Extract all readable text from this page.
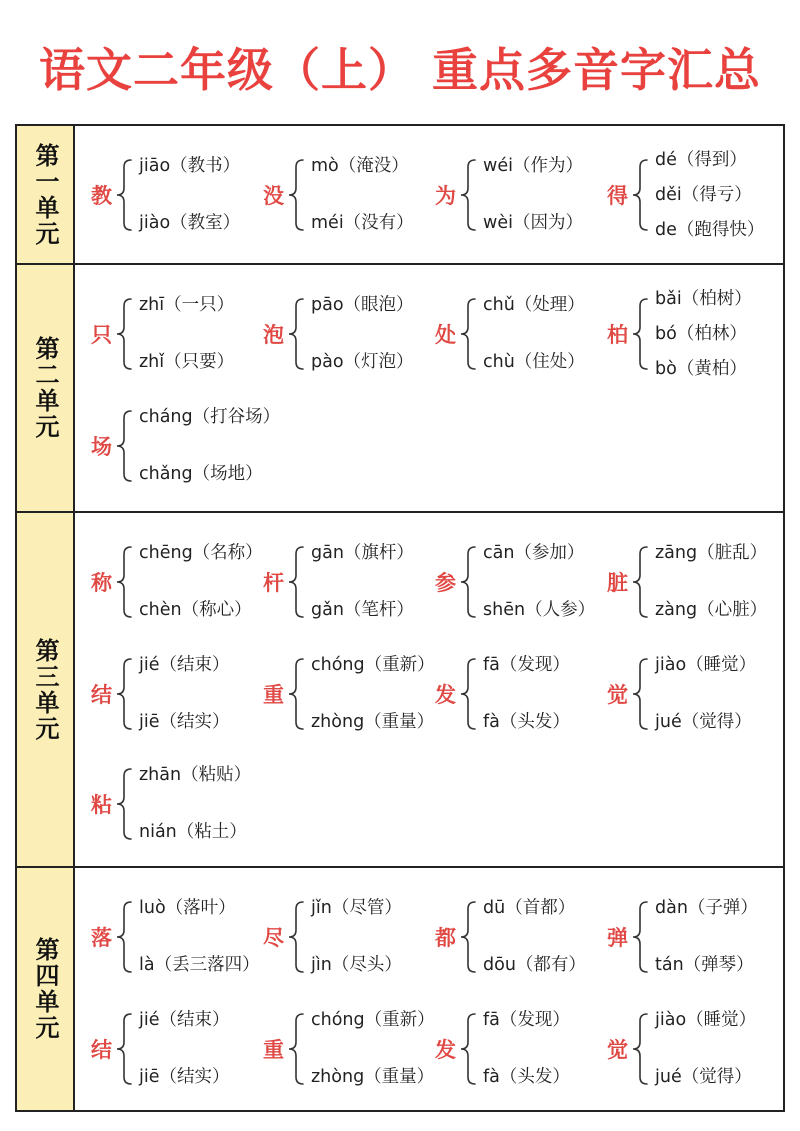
语文二年级（上） 重点多音字汇总
第一单元 教
jiāo（教书）
jiào（教室）
没
mò（淹没）
méi（没有）
为
wéi（作为）
wèi（因为）
得
dé（得到）
děi（得亏）
de（跑得快）
第二单元
只
zhī（一只）
zhǐ（只要）
泡
pāo（眼泡）
pào（灯泡）
处
chǔ（处理）
chù（住处）
柏
bǎi（柏树）
bó（柏林）
bò（黄柏）
场
cháng（打谷场）
chǎng（场地）
第三单元
称
chēng（名称）
chèn（称心）
杆
gān（旗杆）
gǎn（笔杆）
参
cān（参加）
shēn（人参）
脏
zāng（脏乱）
zàng（心脏）
结
jié（结束）
jiē（结实）
重
chóng（重新）
zhòng（重量）
发
fā（发现）
fà（头发）
觉
jiào（睡觉）
jué（觉得）
粘
zhān（粘贴）
nián（粘土）
第四单元 落
luò（落叶）
là（丢三落四）
尽
jǐn（尽管）
jìn（尽头）
都
dū（首都）
dōu（都有）
弹
dàn（子弹）
tán（弹琴）
结
jié（结束）
jiē（结实）
重
chóng（重新）
zhòng（重量）
发
fā（发现）
fà（头发）
觉
jiào（睡觉）
jué（觉得）
